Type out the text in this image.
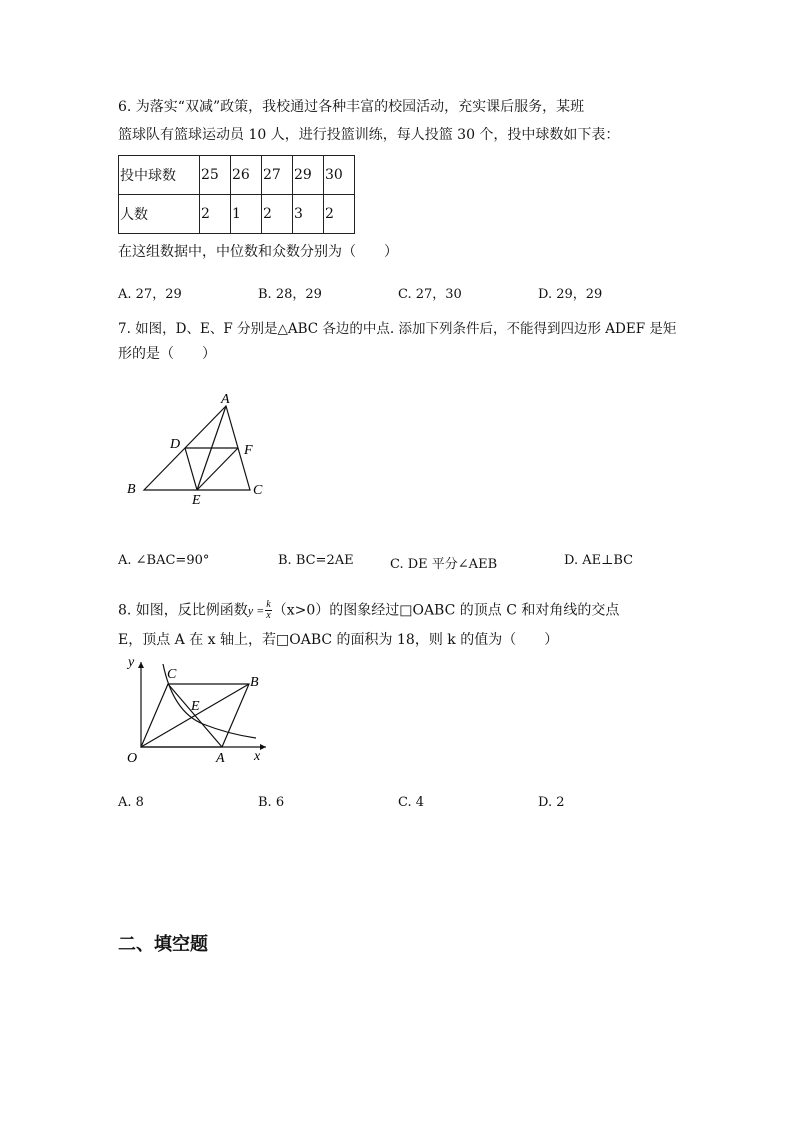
6. 为落实“双减”政策，我校通过各种丰富的校园活动，充实课后服务，某班
篮球队有篮球运动员 10 人，进行投篮训练，每人投篮 30 个，投中球数如下表：
投中球数	25	26	27	29	30
人数	2	1	2	3	2
在这组数据中，中位数和众数分别为（　　）
A. 27，29	B. 28，29	C. 27，30	D. 29，29
7. 如图，D、E、F 分别是△ABC 各边的中点. 添加下列条件后，不能得到四边形 ADEF 是矩
形的是（　　）
A
B	C
D
E
F
A. ∠BAC=90°	B. BC=2AE	C. DE 平分∠AEB	D. AE⊥BC
8. 如图，反比例函数$y = \frac{k}{x} (x>0)$的图象经过□OABC 的顶点 C 和对角线的交点
E，顶点 A 在 x 轴上，若□OABC 的面积为 18，则 k 的值为（　　）
y
x
O	A
B
C
E
A. 8	B. 6	C. 4	D. 2
二、填空题
